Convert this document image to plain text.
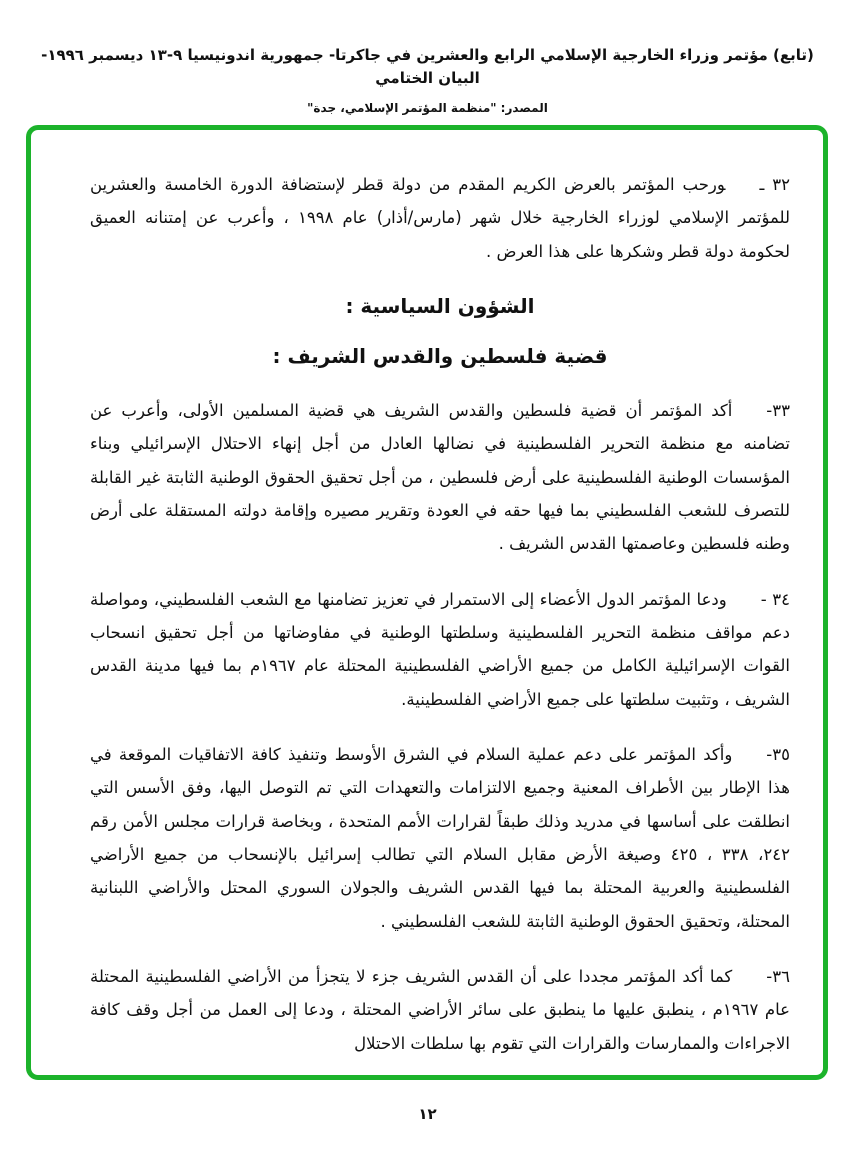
(تابع) مؤتمر وزراء الخارجية الإسلامي الرابع والعشرين في جاكرتا- جمهورية اندونيسيا ٩-١٣ ديسمبر ١٩٩٦-البيان الختامي
المصدر: "منظمة المؤتمر الإسلامي، جدة"

٣٢ ـورحب المؤتمر بالعرض الكريم المقدم من دولة قطر لإستضافة الدورة الخامسة والعشرين للمؤتمر الإسلامي لوزراء الخارجية خلال شهر (مارس/أذار) عام ١٩٩٨ ، وأعرب عن إمتنانه العميق لحكومة دولة قطر وشكرها على هذا العرض .

الشؤون السياسية :
قضية فلسطين والقدس الشريف :

٣٣-أكد المؤتمر أن قضية فلسطين والقدس الشريف هي قضية المسلمين الأولى، وأعرب عن تضامنه مع منظمة التحرير الفلسطينية في نضالها العادل من أجل إنهاء الاحتلال الإسرائيلي وبناء المؤسسات الوطنية الفلسطينية على أرض فلسطين ، من أجل تحقيق الحقوق الوطنية الثابتة غير القابلة للتصرف للشعب الفلسطيني بما فيها حقه في العودة وتقرير مصيره وإقامة دولته المستقلة على أرض وطنه فلسطين وعاصمتها القدس الشريف .

٣٤ -ودعا المؤتمر الدول الأعضاء إلى الاستمرار في تعزيز تضامنها مع الشعب الفلسطيني، ومواصلة دعم مواقف منظمة التحرير الفلسطينية وسلطتها الوطنية في مفاوضاتها من أجل تحقيق انسحاب القوات الإسرائيلية الكامل من جميع الأراضي الفلسطينية المحتلة عام ١٩٦٧م بما فيها مدينة القدس الشريف ، وتثبيت سلطتها على جميع الأراضي الفلسطينية.

٣٥-وأكد المؤتمر على دعم عملية السلام في الشرق الأوسط وتنفيذ كافة الاتفاقيات الموقعة في هذا الإطار بين الأطراف المعنية وجميع الالتزامات والتعهدات التي تم التوصل اليها، وفق الأسس التي انطلقت على أساسها في مدريد وذلك طبقاً لقرارات الأمم المتحدة ، وبخاصة قرارات مجلس الأمن رقم ٢٤٢، ٣٣٨ ، ٤٢٥ وصيغة الأرض مقابل السلام التي تطالب إسرائيل بالإنسحاب من جميع الأراضي الفلسطينية والعربية المحتلة بما فيها القدس الشريف والجولان السوري المحتل والأراضي اللبنانية المحتلة، وتحقيق الحقوق الوطنية الثابتة للشعب الفلسطيني .

٣٦-كما أكد المؤتمر مجددا على أن القدس الشريف جزء لا يتجزأ من الأراضي الفلسطينية المحتلة عام ١٩٦٧م ، ينطبق عليها ما ينطبق على سائر الأراضي المحتلة ، ودعا إلى العمل من أجل وقف كافة الاجراءات والممارسات والقرارات التي تقوم بها سلطات الاحتلال

١٢
